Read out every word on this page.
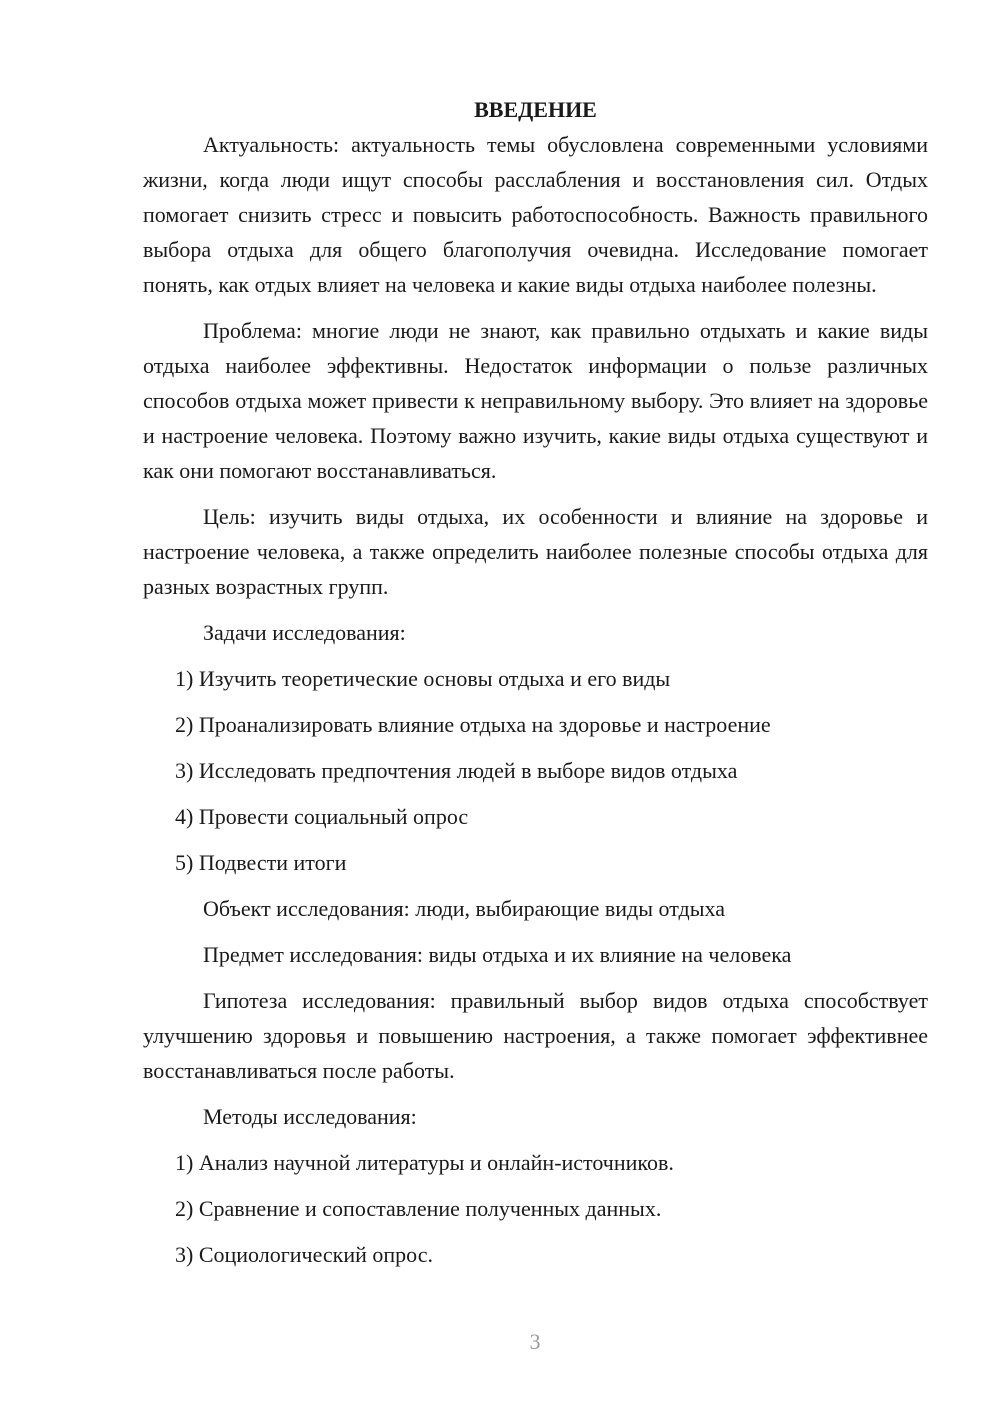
ВВЕДЕНИЕ

Актуальность: актуальность темы обусловлена современными условиями жизни, когда люди ищут способы расслабления и восстановления сил. Отдых помогает снизить стресс и повысить работоспособность. Важность правильного выбора отдыха для общего благополучия очевидна. Исследование помогает понять, как отдых влияет на человека и какие виды отдыха наиболее полезны.

Проблема: многие люди не знают, как правильно отдыхать и какие виды отдыха наиболее эффективны. Недостаток информации о пользе различных способов отдыха может привести к неправильному выбору. Это влияет на здоровье и настроение человека. Поэтому важно изучить, какие виды отдыха существуют и как они помогают восстанавливаться.

Цель: изучить виды отдыха, их особенности и влияние на здоровье и настроение человека, а также определить наиболее полезные способы отдыха для разных возрастных групп.

Задачи исследования:

1) Изучить теоретические основы отдыха и его виды

2) Проанализировать влияние отдыха на здоровье и настроение

3) Исследовать предпочтения людей в выборе видов отдыха

4) Провести социальный опрос

5) Подвести итоги

Объект исследования: люди, выбирающие виды отдыха

Предмет исследования: виды отдыха и их влияние на человека

Гипотеза исследования: правильный выбор видов отдыха способствует улучшению здоровья и повышению настроения, а также помогает эффективнее восстанавливаться после работы.

Методы исследования:

1) Анализ научной литературы и онлайн-источников.

2) Сравнение и сопоставление полученных данных.

3) Социологический опрос.

3
